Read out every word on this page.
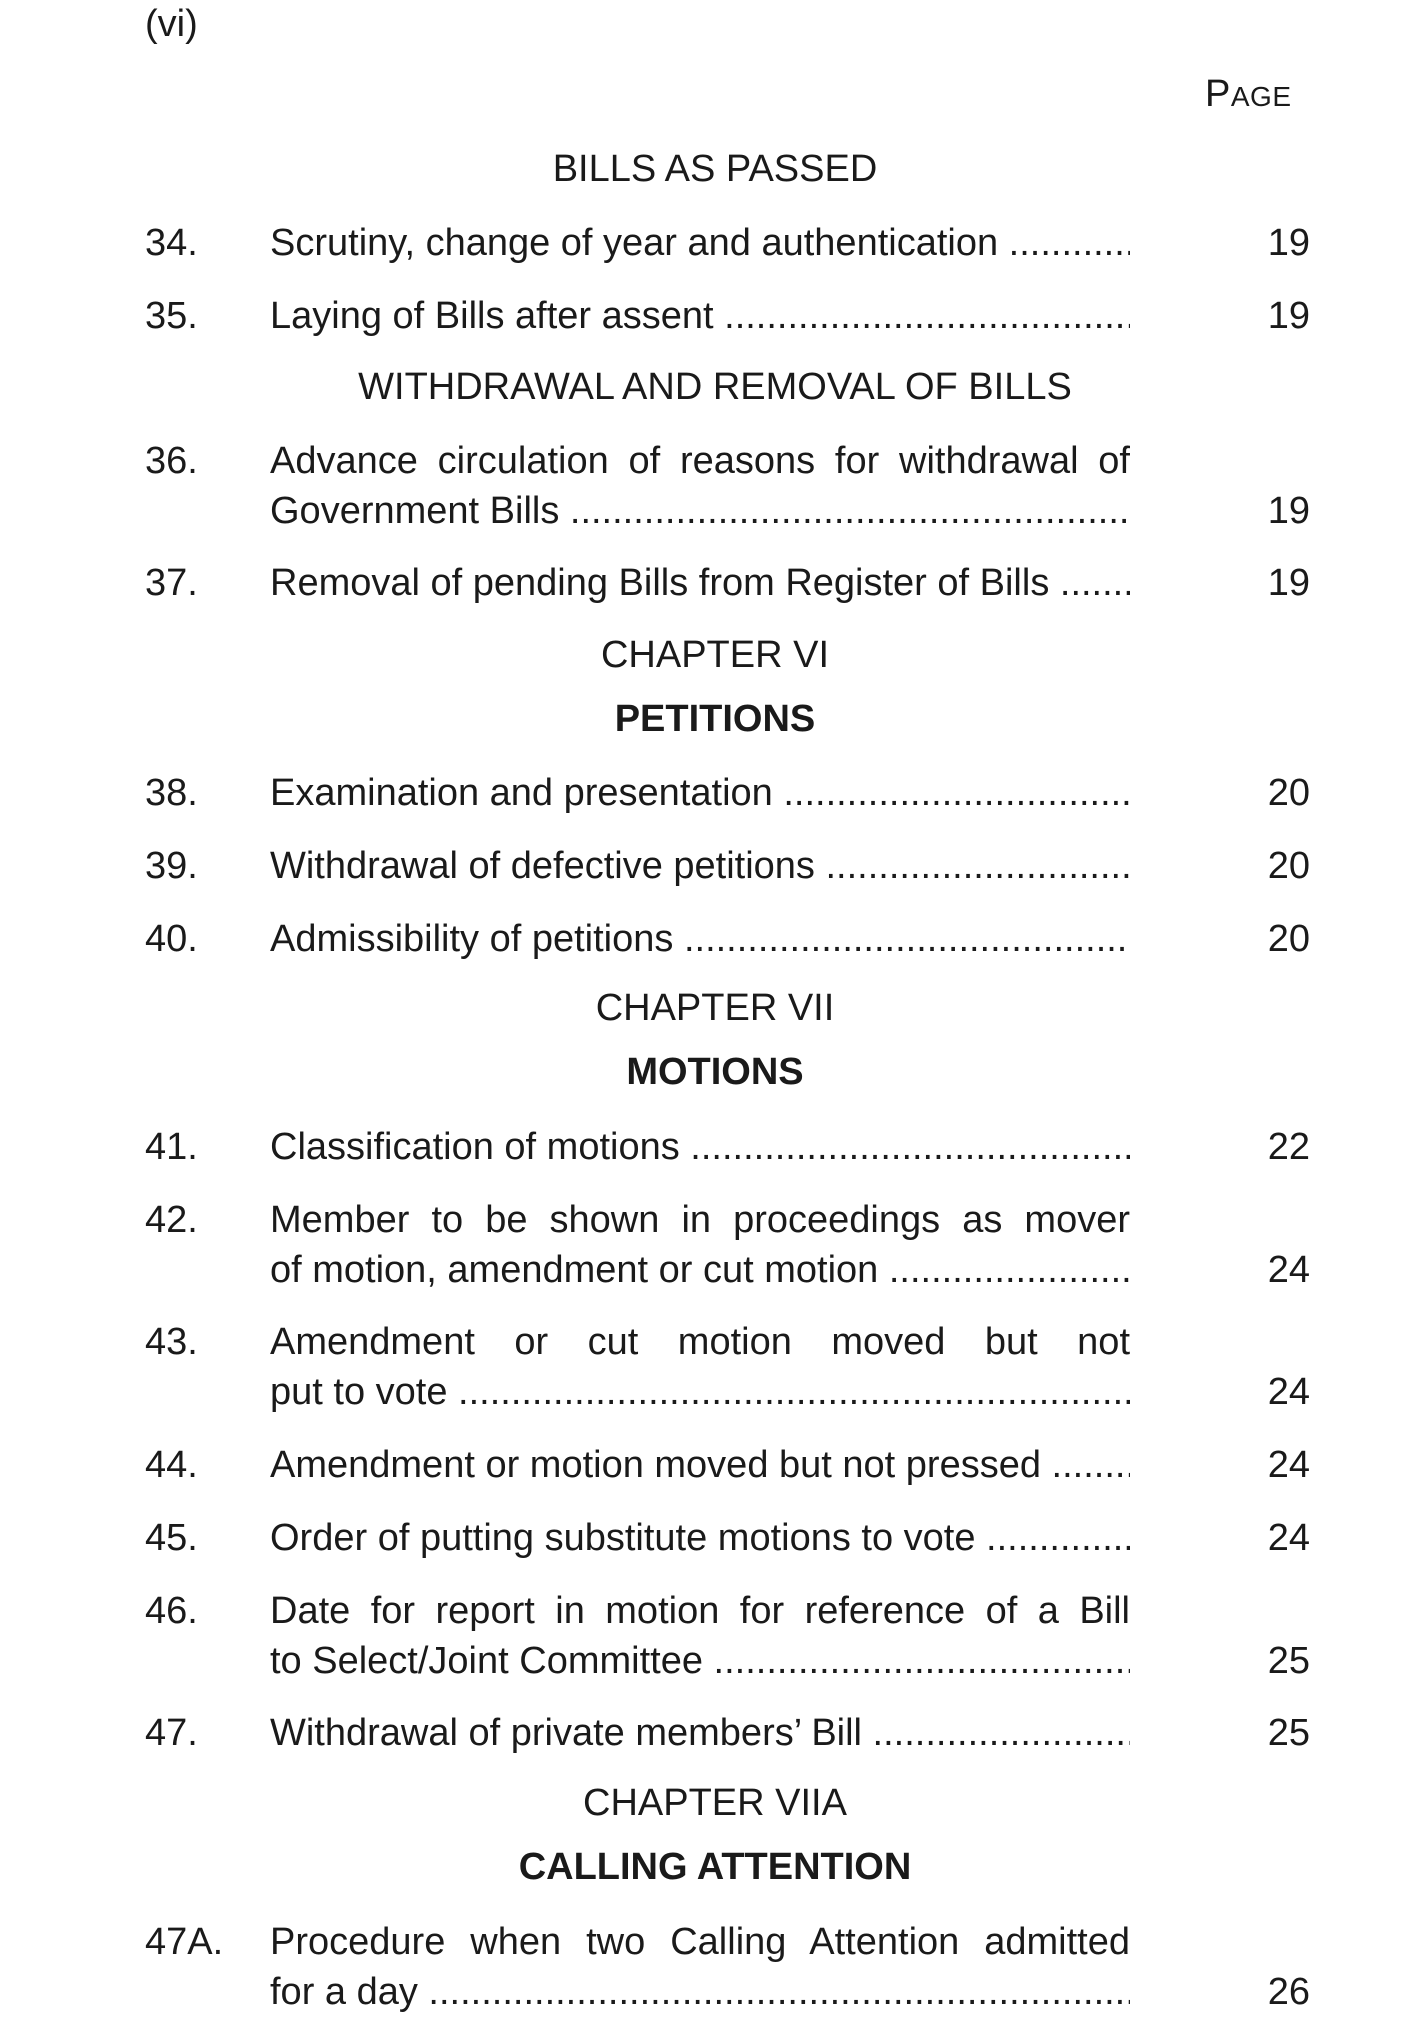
(vi)
PAGE
BILLS AS PASSED
34. Scrutiny, change of year and authentication .....	19
35. Laying of Bills after assent .....	19
WITHDRAWAL AND REMOVAL OF BILLS
36. Advance circulation of reasons for withdrawal of
Government Bills .....	19
37. Removal of pending Bills from Register of Bills .....	19
CHAPTER VI
PETITIONS
38. Examination and presentation .....	20
39. Withdrawal of defective petitions .....	20
40. Admissibility of petitions .....	20
CHAPTER VII
MOTIONS
41. Classification of motions .....	22
42. Member to be shown in proceedings as mover
of motion, amendment or cut motion .....	24
43. Amendment or cut motion moved but not
put to vote .....	24
44. Amendment or motion moved but not pressed .....	24
45. Order of putting substitute motions to vote .....	24
46. Date for report in motion for reference of a Bill
to Select/Joint Committee .....	25
47. Withdrawal of private members’ Bill .....	25
CHAPTER VIIA
CALLING ATTENTION
47A. Procedure when two Calling Attention admitted
for a day .....	26
